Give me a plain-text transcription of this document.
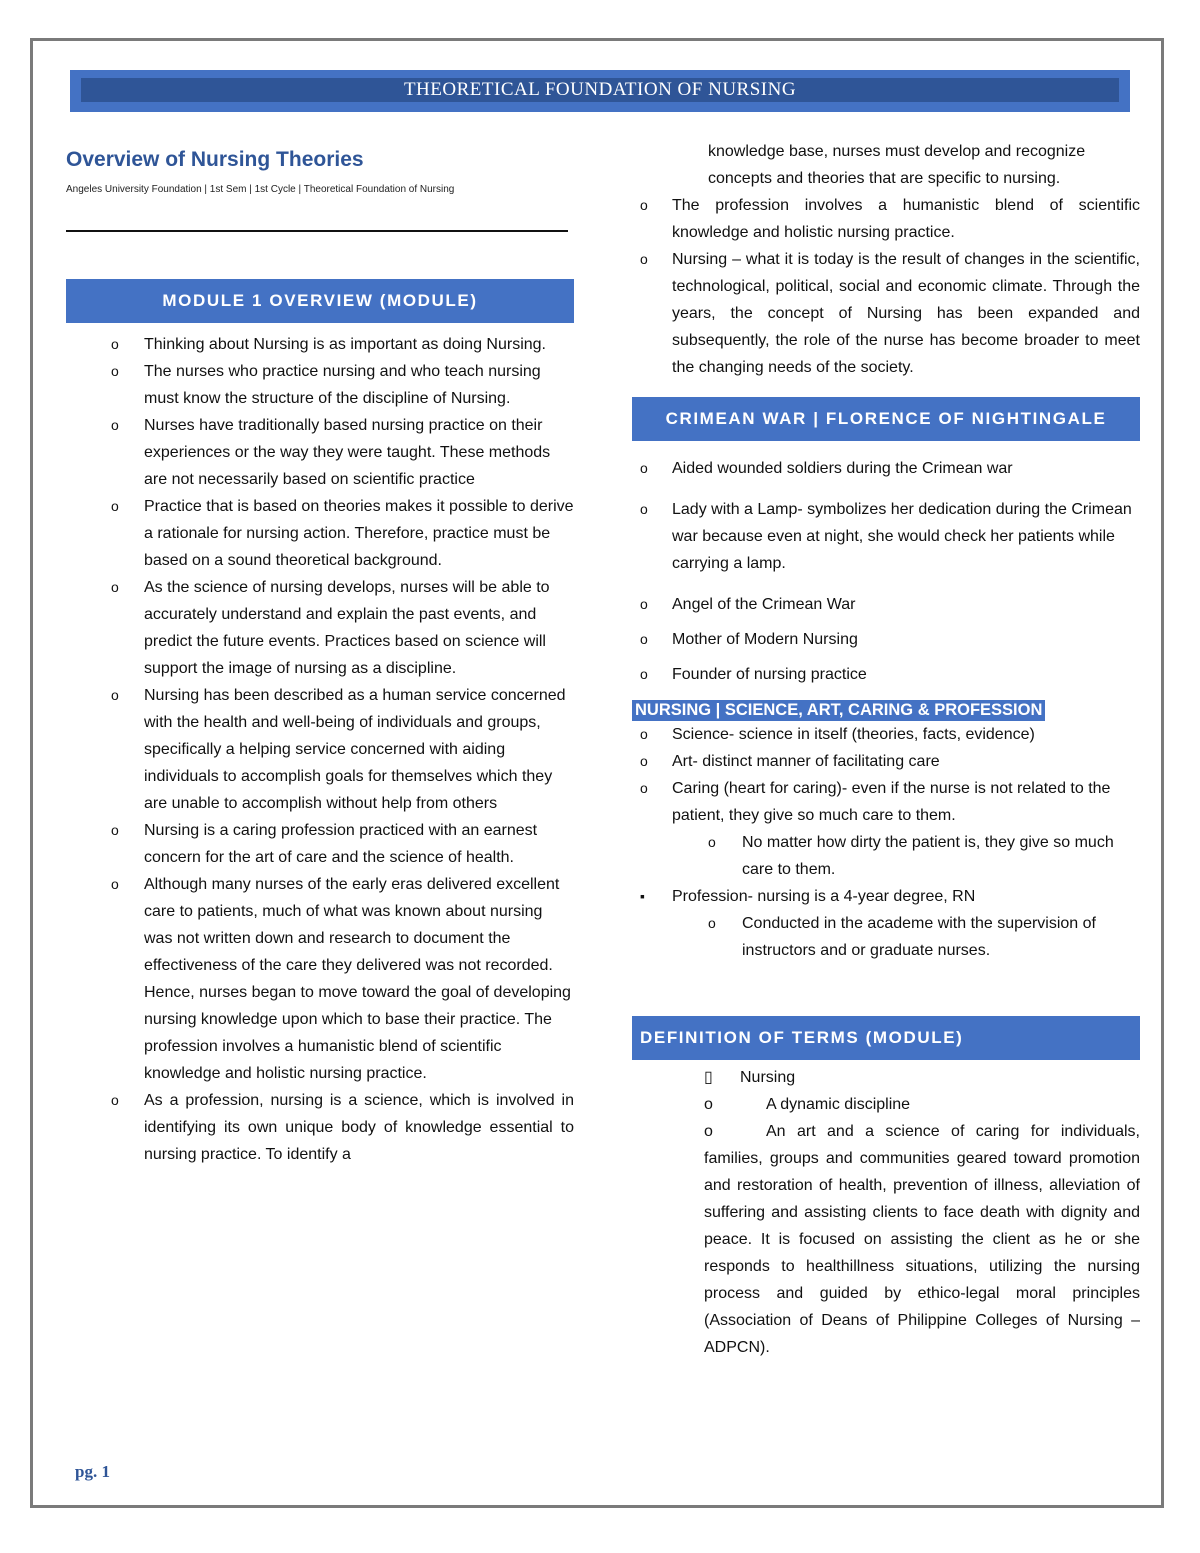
THEORETICAL FOUNDATION OF NURSING
Overview of Nursing Theories
Angeles University Foundation | 1st Sem | 1st Cycle | Theoretical Foundation of Nursing
MODULE 1 OVERVIEW (MODULE)
o Thinking about Nursing is as important as doing Nursing.
o The nurses who practice nursing and who teach nursing must know the structure of the discipline of Nursing.
o Nurses have traditionally based nursing practice on their experiences or the way they were taught. These methods are not necessarily based on scientific practice
o Practice that is based on theories makes it possible to derive a rationale for nursing action. Therefore, practice must be based on a sound theoretical background.
o As the science of nursing develops, nurses will be able to accurately understand and explain the past events, and predict the future events. Practices based on science will support the image of nursing as a discipline.
o Nursing has been described as a human service concerned with the health and well-being of individuals and groups, specifically a helping service concerned with aiding individuals to accomplish goals for themselves which they are unable to accomplish without help from others
o Nursing is a caring profession practiced with an earnest concern for the art of care and the science of health.
o Although many nurses of the early eras delivered excellent care to patients, much of what was known about nursing was not written down and research to document the effectiveness of the care they delivered was not recorded. Hence, nurses began to move toward the goal of developing nursing knowledge upon which to base their practice. The profession involves a humanistic blend of scientific knowledge and holistic nursing practice.
o As a profession, nursing is a science, which is involved in identifying its own unique body of knowledge essential to nursing practice. To identify a
knowledge base, nurses must develop and recognize concepts and theories that are specific to nursing.
o The profession involves a humanistic blend of scientific knowledge and holistic nursing practice.
o Nursing – what it is today is the result of changes in the scientific, technological, political, social and economic climate. Through the years, the concept of Nursing has been expanded and subsequently, the role of the nurse has become broader to meet the changing needs of the society.
CRIMEAN WAR | FLORENCE OF NIGHTINGALE
o Aided wounded soldiers during the Crimean war
o Lady with a Lamp- symbolizes her dedication during the Crimean war because even at night, she would check her patients while carrying a lamp.
o Angel of the Crimean War
o Mother of Modern Nursing
o Founder of nursing practice
NURSING | SCIENCE, ART, CARING & PROFESSION
o Science- science in itself (theories, facts, evidence)
o Art- distinct manner of facilitating care
o Caring (heart for caring)- even if the nurse is not related to the patient, they give so much care to them.
o No matter how dirty the patient is, they give so much care to them.
▪ Profession- nursing is a 4-year degree, RN
o Conducted in the academe with the supervision of instructors and or graduate nurses.
DEFINITION OF TERMS (MODULE)
▯ Nursing
o	A dynamic discipline
o	An art and a science of caring for individuals, families, groups and communities geared toward promotion and restoration of health, prevention of illness, alleviation of suffering and assisting clients to face death with dignity and peace. It is focused on assisting the client as he or she responds to healthillness situations, utilizing the nursing process and guided by ethico-legal moral principles (Association of Deans of Philippine Colleges of Nursing – ADPCN).
pg. 1
